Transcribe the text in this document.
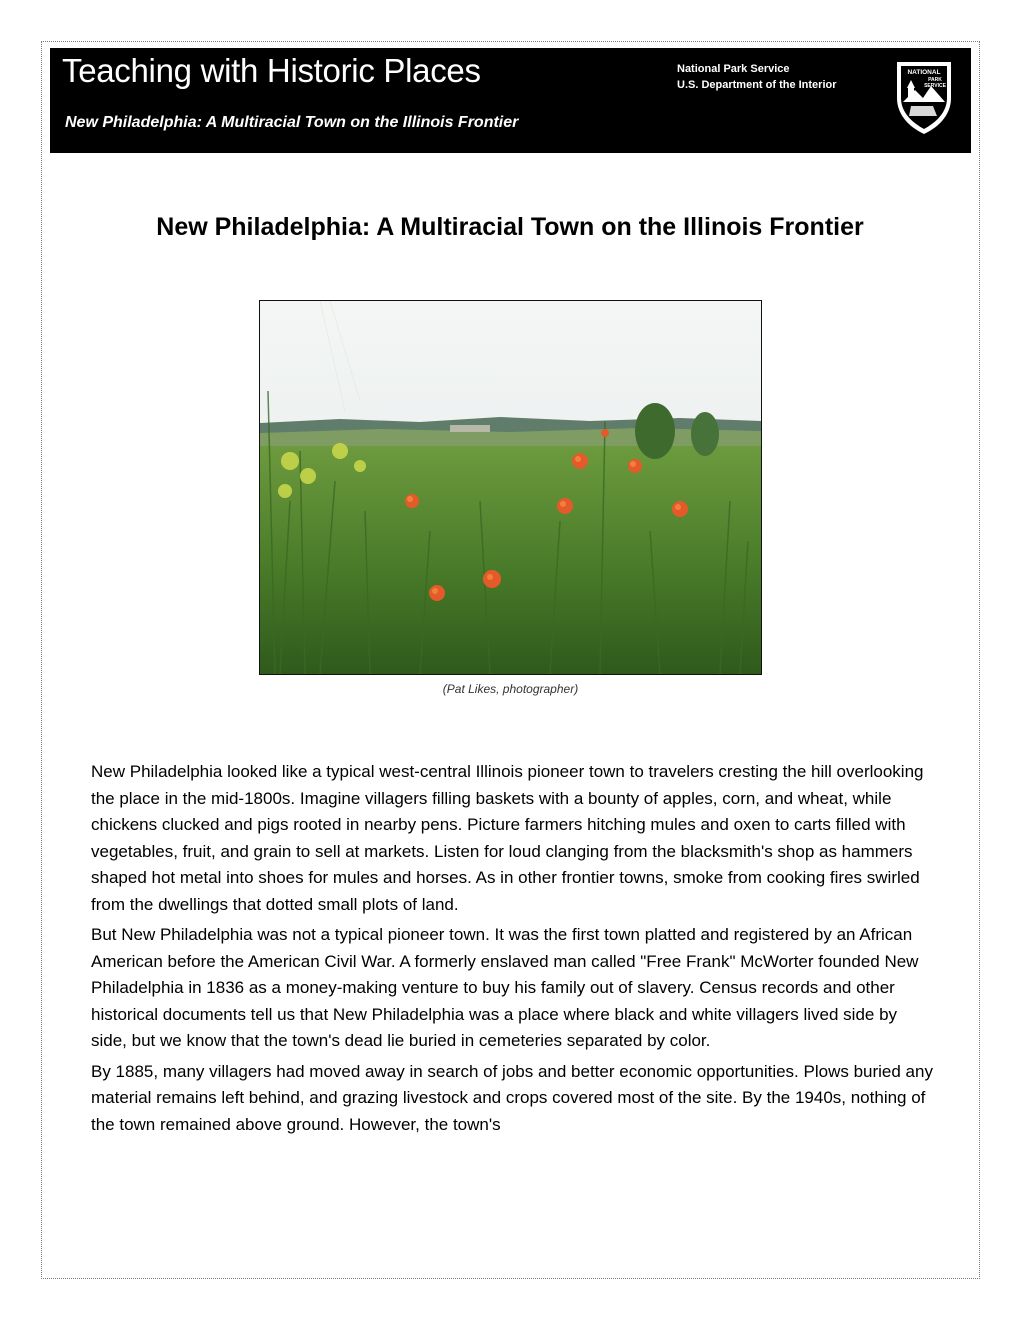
Teaching with Historic Places
New Philadelphia: A Multiracial Town on the Illinois Frontier
National Park Service
U.S. Department of the Interior
NATIONAL
PARK
SERVICE
New Philadelphia: A Multiracial Town on the Illinois Frontier
(Pat Likes, photographer)

New Philadelphia looked like a typical west-central Illinois pioneer town to travelers cresting the hill overlooking the place in the mid-1800s. Imagine villagers filling baskets with a bounty of apples, corn, and wheat, while chickens clucked and pigs rooted in nearby pens. Picture farmers hitching mules and oxen to carts filled with vegetables, fruit, and grain to sell at markets. Listen for loud clanging from the blacksmith's shop as hammers shaped hot metal into shoes for mules and horses. As in other frontier towns, smoke from cooking fires swirled from the dwellings that dotted small plots of land.

But New Philadelphia was not a typical pioneer town. It was the first town platted and registered by an African American before the American Civil War. A formerly enslaved man called "Free Frank" McWorter founded New Philadelphia in 1836 as a money-making venture to buy his family out of slavery. Census records and other historical documents tell us that New Philadelphia was a place where black and white villagers lived side by side, but we know that the town's dead lie buried in cemeteries separated by color.

By 1885, many villagers had moved away in search of jobs and better economic opportunities. Plows buried any material remains left behind, and grazing livestock and crops covered most of the site. By the 1940s, nothing of the town remained above ground. However, the town's
